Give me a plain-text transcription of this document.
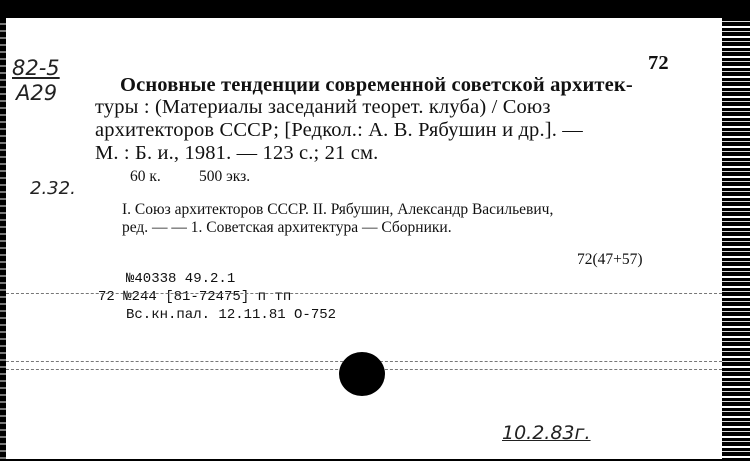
72
82-5
A29	Основные тенденции современной советской архитек-
туры : (Материалы заседаний теорет. клуба) / Союз
архитекторов СССР; [Редкол.: А. В. Рябушин и др.]. —
М. : Б. и., 1981. — 123 с.; 21 см.
2.32.
60 к. 500 экз.
I. Союз архитекторов СССР. II. Рябушин, Александр Васильевич,
ред. — — 1. Советская архитектура — Сборники.
72(47+57)
№40338 49.2.1
72 №244 [81-72475] п тп
Вс.кн.пал. 12.11.81 О-752
10.2.83г.
